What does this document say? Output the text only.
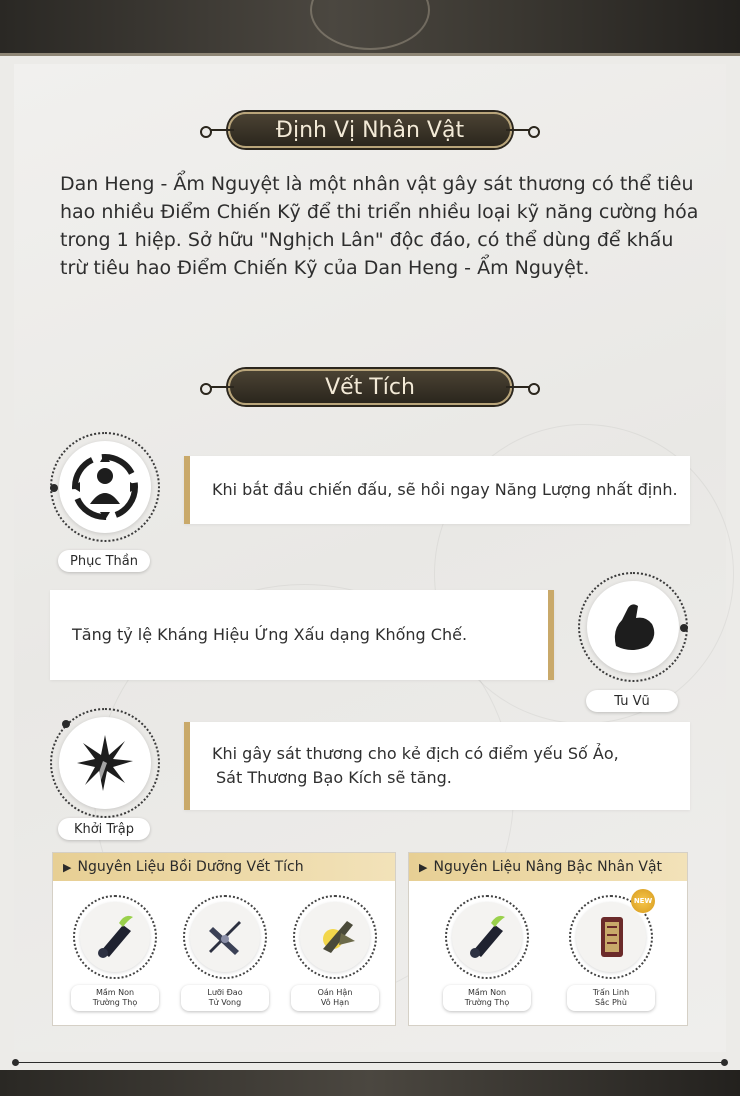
Định Vị Nhân Vật

Dan Heng - Ẩm Nguyệt là một nhân vật gây sát thương có thể tiêu hao nhiều Điểm Chiến Kỹ để thi triển nhiều loại kỹ năng cường hóa trong 1 hiệp. Sở hữu "Nghịch Lân" độc đáo, có thể dùng để khấu trừ tiêu hao Điểm Chiến Kỹ của Dan Heng - Ẩm Nguyệt.

Vết Tích
Phục Thần
Khi bắt đầu chiến đấu, sẽ hồi ngay Năng Lượng nhất định.
Tăng tỷ lệ Kháng Hiệu Ứng Xấu dạng Khống Chế.
Tu Vũ
Khởi Trập
Khi gây sát thương cho kẻ địch có điểm yếu Số Ảo,
Sát Thương Bạo Kích sẽ tăng.
▶ Nguyên Liệu Bồi Dưỡng Vết Tích
Mầm Non
Trường Thọ
Lưỡi Đao
Tử Vong
Oán Hận
Vô Hạn
▶ Nguyên Liệu Nâng Bậc Nhân Vật
Mầm Non
Trường Thọ
NEW
Trấn Linh
Sắc Phù
